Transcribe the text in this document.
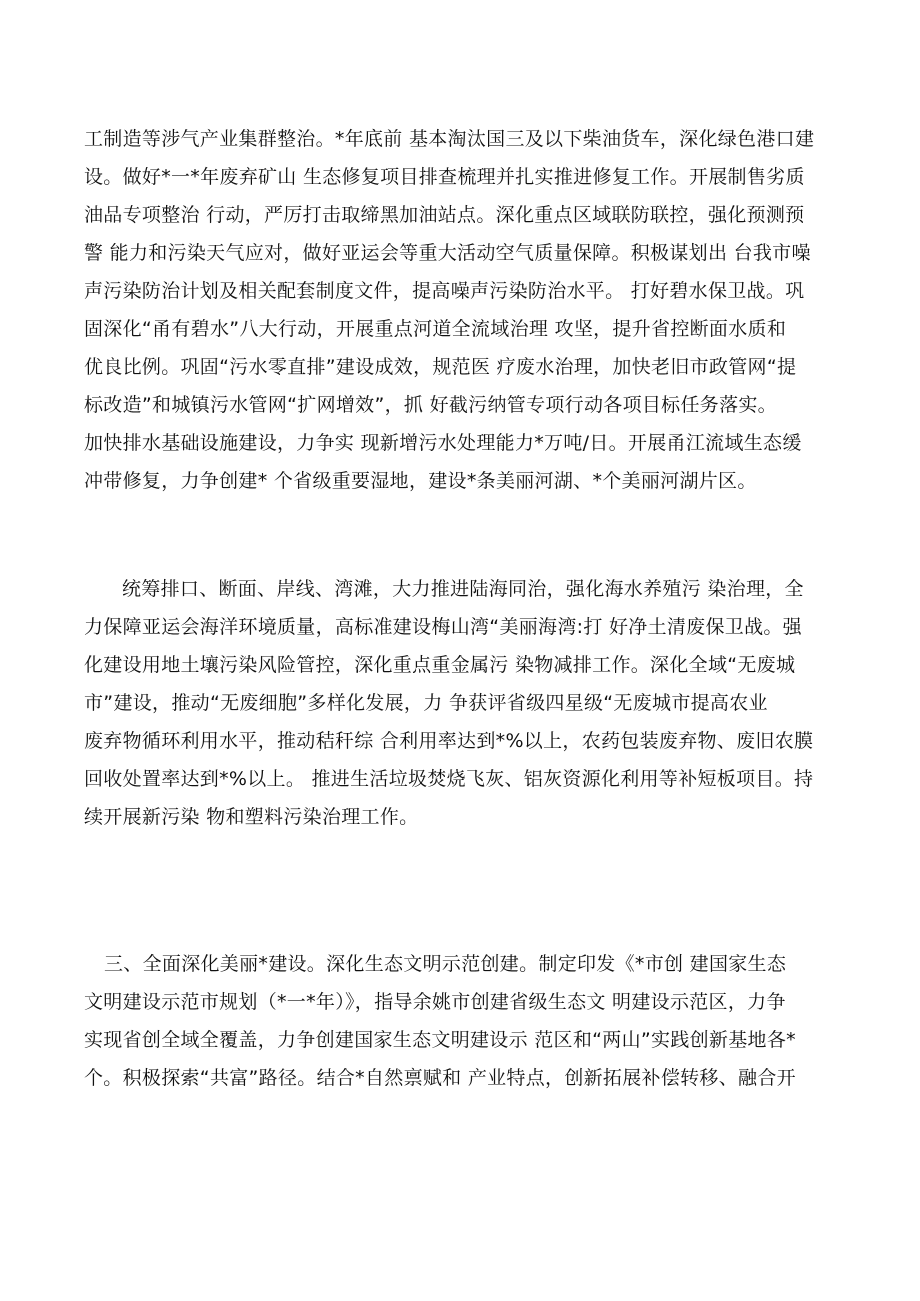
工制造等涉气产业集群整治。*年底前 基本淘汰国三及以下柴油货车，深化绿色港口建
设。做好*一*年废弃矿山 生态修复项目排查梳理并扎实推进修复工作。开展制售劣质
油品专项整治 行动，严厉打击取缔黑加油站点。深化重点区域联防联控，强化预测预
警 能力和污染天气应对，做好亚运会等重大活动空气质量保障。积极谋划出 台我市噪
声污染防治计划及相关配套制度文件，提高噪声污染防治水平。 打好碧水保卫战。巩
固深化“甬有碧水”八大行动，开展重点河道全流域治理 攻坚，提升省控断面水质和
优良比例。巩固“污水零直排”建设成效，规范医 疗废水治理，加快老旧市政管网“提
标改造”和城镇污水管网“扩网增效”，抓 好截污纳管专项行动各项目标任务落实。
加快排水基础设施建设，力争实 现新增污水处理能力*万吨/日。开展甬江流域生态缓
冲带修复，力争创建* 个省级重要湿地，建设*条美丽河湖、*个美丽河湖片区。
统筹排口、断面、岸线、湾滩，大力推进陆海同治，强化海水养殖污 染治理，全
力保障亚运会海洋环境质量，高标准建设梅山湾“美丽海湾:打 好净土清废保卫战。强
化建设用地土壤污染风险管控，深化重点重金属污 染物减排工作。深化全域“无废城
市”建设，推动“无废细胞”多样化发展，力 争获评省级四星级“无废城市提高农业
废弃物循环利用水平，推动秸秆综 合利用率达到*%以上，农药包装废弃物、废旧农膜
回收处置率达到*%以上。 推进生活垃圾焚烧飞灰、铝灰资源化利用等补短板项目。持
续开展新污染 物和塑料污染治理工作。
三、全面深化美丽*建设。深化生态文明示范创建。制定印发《*市创 建国家生态
文明建设示范市规划（*一*年）》，指导余姚市创建省级生态文 明建设示范区，力争
实现省创全域全覆盖，力争创建国家生态文明建设示 范区和“两山”实践创新基地各*
个。积极探索“共富”路径。结合*自然禀赋和 产业特点，创新拓展补偿转移、融合开
